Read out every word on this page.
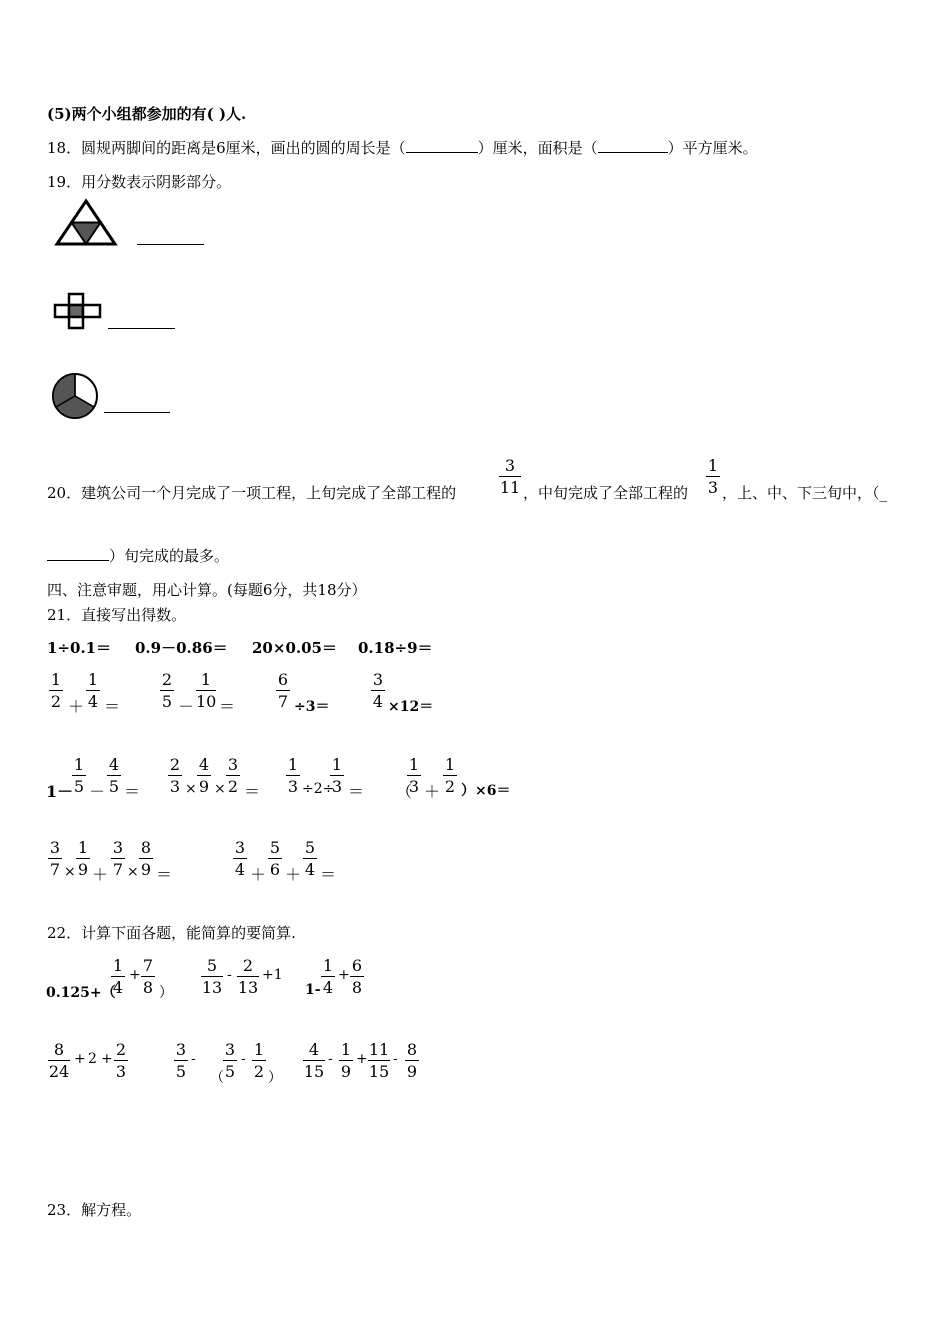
(5)两个小组都参加的有( )人.
18．圆规两脚间的距离是6厘米，画出的圆的周长是（	）厘米，面积是（	）平方厘米。
19．用分数表示阴影部分。
20．建筑公司一个月完成了一项工程，上旬完成了全部工程的	$\frac{3}{11}$ ，中旬完成了全部工程的 $\frac{1}{3}$ ，上、中、下三旬中，（_
）旬完成的最多。
四、注意审题，用心计算。(每题6分，共18分）
21．直接写出得数。
1÷0.1＝ 0.9－0.86＝ 20×0.05＝ 0.18÷9＝
$\frac{1}{2} + \frac{1}{4} = \frac{2}{5} - \frac{1}{10}$ ＝	$\frac{6}{7} \div 3=$	$\frac{3}{4} \times 12=$
1－
$\frac{1}{5} - \frac{4}{5} = \frac{2}{3} \times \frac{4}{9} \times \frac{3}{2} = \frac{1}{3} \div 2\div$
$\frac{1}{3}$ ＝ （
$\frac{1}{3} + \frac{1}{2} )\times 6=$
$\frac{3}{7} \times \frac{1}{9} + \frac{3}{7} \times \frac{8}{9}$ ＝	$\frac{3}{4} + \frac{5}{6} + \frac{5}{4}$ ＝
22．计算下面各题，能简算的要简算.
0.125+（
$\frac{1}{4} + \frac{7}{8}$ ） $\frac{5}{13} - \frac{2}{13} +1$
$1- \frac{1}{4} + \frac{6}{8}$
$\frac{8}{24} + 2 + \frac{2}{3}$	$\frac{3}{5}$ -
（ $\frac{3}{5} - \frac{1}{2}$ ） $\frac{4}{15} - \frac{1}{9} + \frac{11}{15} - \frac{8}{9}$
23．解方程。
